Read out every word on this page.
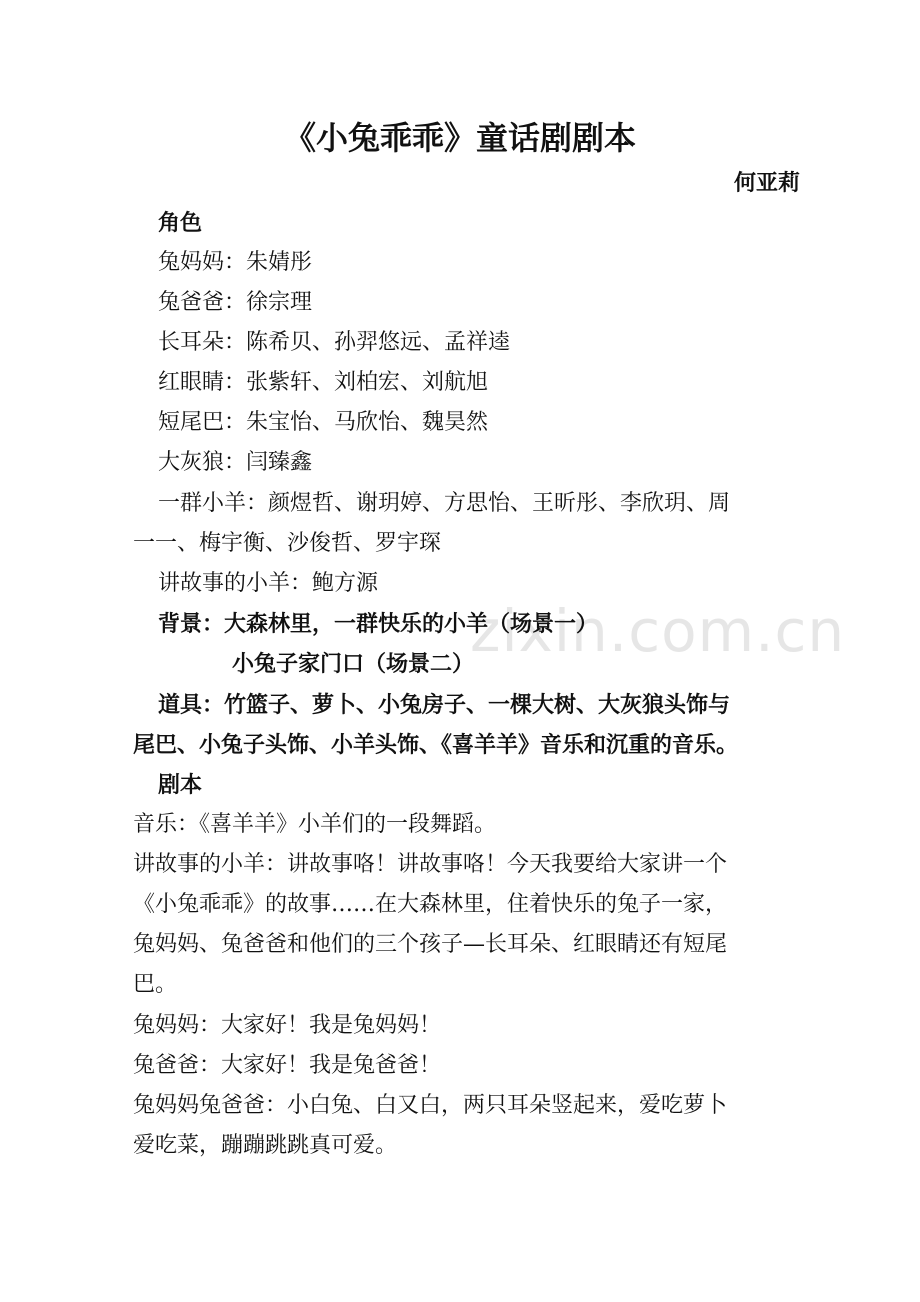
zixin.com.cn
《小兔乖乖》童话剧剧本
何亚莉
角色
兔妈妈：朱婧彤
兔爸爸：徐宗理
长耳朵：陈希贝、孙羿悠远、孟祥逵
红眼睛：张紫轩、刘柏宏、刘航旭
短尾巴：朱宝怡、马欣怡、魏昊然
大灰狼：闫臻鑫
一群小羊：颜煜哲、谢玥婷、方思怡、王昕彤、李欣玥、周
一一、梅宇衡、沙俊哲、罗宇琛
讲故事的小羊：鲍方源
背景：大森林里，一群快乐的小羊（场景一）
小兔子家门口（场景二）
道具：竹篮子、萝卜、小兔房子、一棵大树、大灰狼头饰与
尾巴、小兔子头饰、小羊头饰、《喜羊羊》音乐和沉重的音乐。
剧本
音乐：《喜羊羊》小羊们的一段舞蹈。
讲故事的小羊：讲故事咯！讲故事咯！今天我要给大家讲一个
《小兔乖乖》的故事……在大森林里，住着快乐的兔子一家，
兔妈妈、兔爸爸和他们的三个孩子—长耳朵、红眼睛还有短尾
巴。
兔妈妈：大家好！我是兔妈妈！
兔爸爸：大家好！我是兔爸爸！
兔妈妈兔爸爸：小白兔、白又白，两只耳朵竖起来，爱吃萝卜
爱吃菜，蹦蹦跳跳真可爱。
